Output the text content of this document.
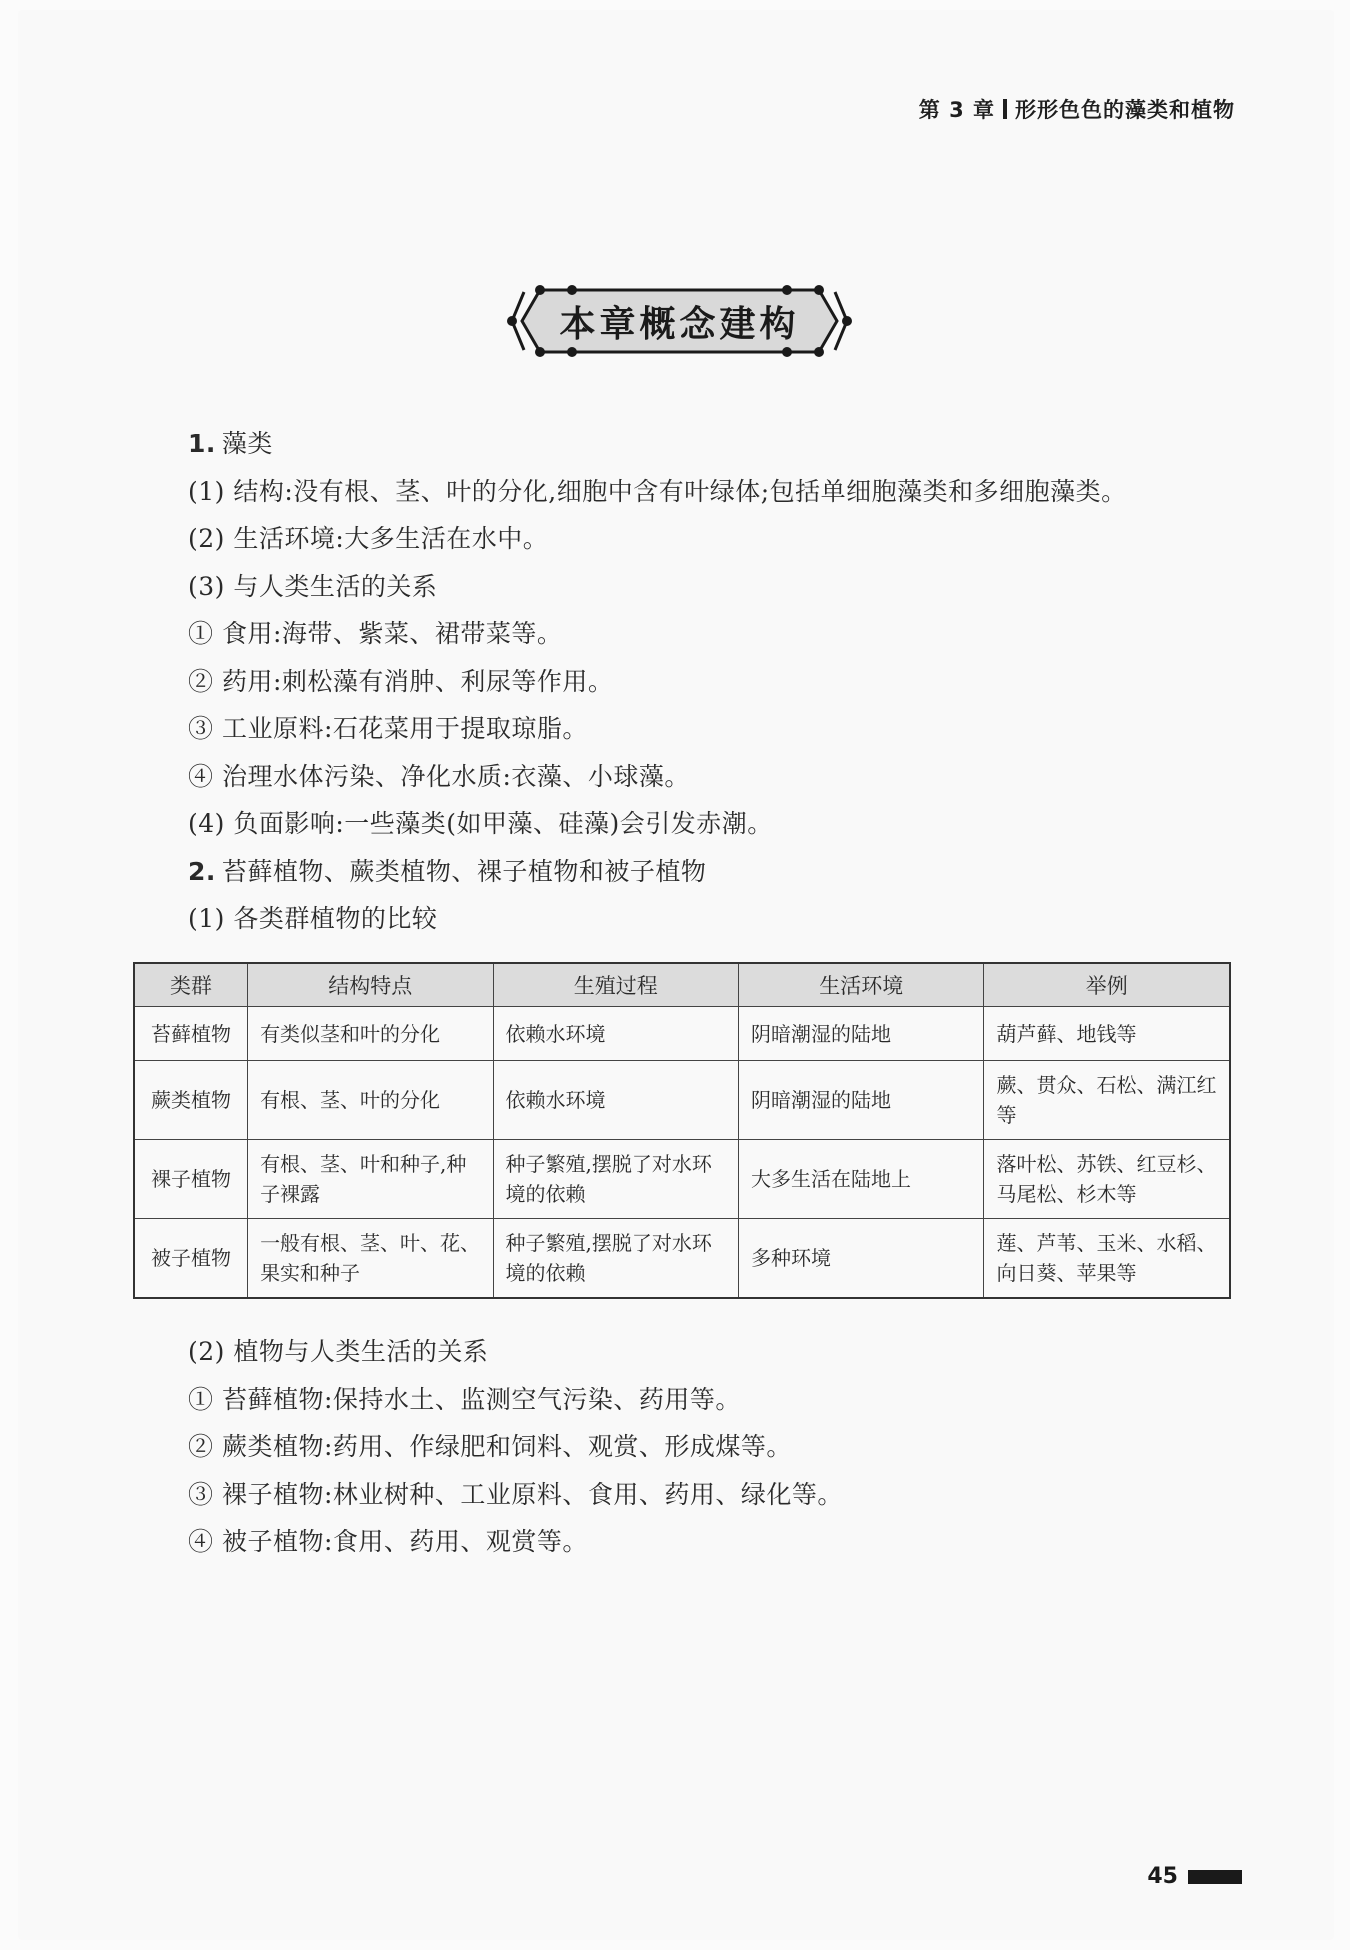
第 3 章 形形色色的藻类和植物
本章概念建构
1. 藻类
(1) 结构:没有根、茎、叶的分化,细胞中含有叶绿体;包括单细胞藻类和多细胞藻类。
(2) 生活环境:大多生活在水中。
(3) 与人类生活的关系
① 食用:海带、紫菜、裙带菜等。
② 药用:刺松藻有消肿、利尿等作用。
③ 工业原料:石花菜用于提取琼脂。
④ 治理水体污染、净化水质:衣藻、小球藻。
(4) 负面影响:一些藻类(如甲藻、硅藻)会引发赤潮。
2. 苔藓植物、蕨类植物、裸子植物和被子植物
(1) 各类群植物的比较
类群	结构特点	生殖过程	生活环境	举例
苔藓植物	有类似茎和叶的分化	依赖水环境	阴暗潮湿的陆地	葫芦藓、地钱等
蕨类植物	有根、茎、叶的分化	依赖水环境	阴暗潮湿的陆地	蕨、贯众、石松、满江红等
裸子植物	有根、茎、叶和种子,种子裸露	种子繁殖,摆脱了对水环境的依赖	大多生活在陆地上	落叶松、苏铁、红豆杉、马尾松、杉木等
被子植物	一般有根、茎、叶、花、果实和种子	种子繁殖,摆脱了对水环境的依赖	多种环境	莲、芦苇、玉米、水稻、向日葵、苹果等
(2) 植物与人类生活的关系
① 苔藓植物:保持水土、监测空气污染、药用等。
② 蕨类植物:药用、作绿肥和饲料、观赏、形成煤等。
③ 裸子植物:林业树种、工业原料、食用、药用、绿化等。
④ 被子植物:食用、药用、观赏等。
45
